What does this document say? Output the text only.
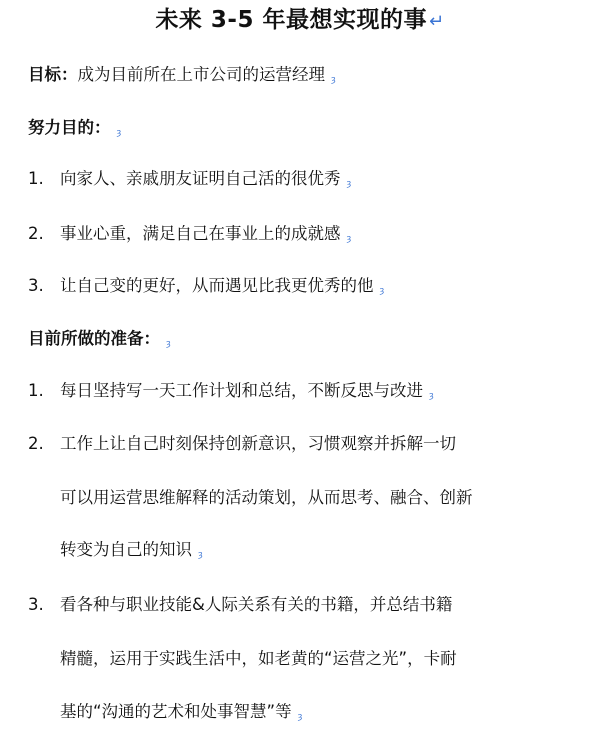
未来 3-5 年最想实现的事 ↵
目标：成为目前所在上市公司的运营经理 ȝ
努力目的： ȝ
1. 向家人、亲戚朋友证明自己活的很优秀 ȝ
2. 事业心重，满足自己在事业上的成就感 ȝ
3. 让自己变的更好，从而遇见比我更优秀的他 ȝ
目前所做的准备： ȝ
1. 每日坚持写一天工作计划和总结，不断反思与改进 ȝ
2. 工作上让自己时刻保持创新意识，习惯观察并拆解一切
可以用运营思维解释的活动策划，从而思考、融合、创新
转变为自己的知识 ȝ
3. 看各种与职业技能&人际关系有关的书籍，并总结书籍
精髓，运用于实践生活中，如老黄的“运营之光”，卡耐
基的“沟通的艺术和处事智慧”等 ȝ
